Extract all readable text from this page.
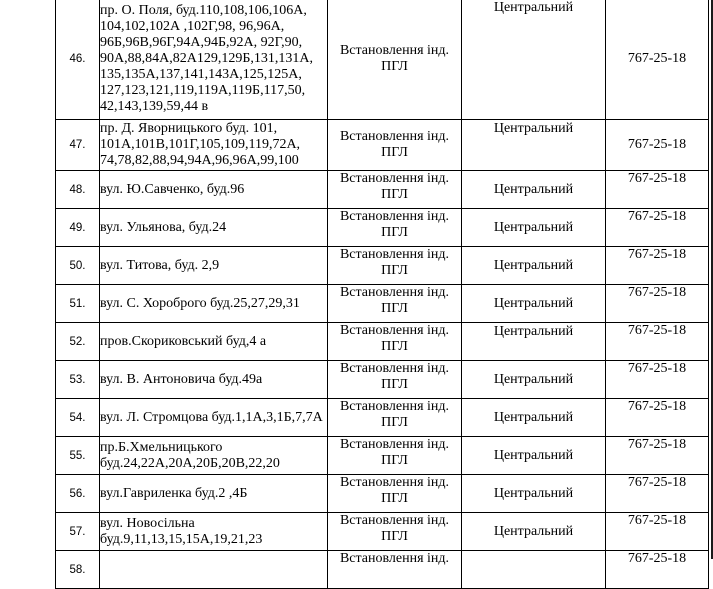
46.	пр. О. Поля, буд.110,108,106,106А, 104,102,102А ,102Г,98, 96,96А, 96Б,96В,96Г,94А,94Б,92А, 92Г,90, 90А,88,84А,82А129,129Б,131,131А, 135,135А,137,141,143А,125,125А, 127,123,121,119,119А,119Б,117,50, 42,143,139,59,44 в	Встановлення інд. ПГЛ	Центральний	767-25-18
47.	пр. Д. Яворницького буд. 101, 101А,101В,101Г,105,109,119,72А, 74,78,82,88,94,94А,96,96А,99,100	Встановлення інд. ПГЛ	Центральний	767-25-18
48.	вул. Ю.Савченко, буд.96	Встановлення інд. ПГЛ	Центральний	767-25-18
49.	вул. Ульянова, буд.24	Встановлення інд. ПГЛ	Центральний	767-25-18
50.	вул. Титова, буд. 2,9	Встановлення інд. ПГЛ	Центральний	767-25-18
51.	вул. С. Хороброго буд.25,27,29,31	Встановлення інд. ПГЛ	Центральний	767-25-18
52.	пров.Скориковський буд,4 а	Встановлення інд. ПГЛ	Центральний	767-25-18
53.	вул. В. Антоновича буд.49а	Встановлення інд. ПГЛ	Центральний	767-25-18
54.	вул. Л. Стромцова буд.1,1А,3,1Б,7,7А	Встановлення інд. ПГЛ	Центральний	767-25-18
55.	пр.Б.Хмельницького буд.24,22А,20А,20Б,20В,22,20	Встановлення інд. ПГЛ	Центральний	767-25-18
56.	вул.Гавриленка буд.2 ,4Б	Встановлення інд. ПГЛ	Центральний	767-25-18
57.	вул. Новосільна буд.9,11,13,15,15А,19,21,23	Встановлення інд. ПГЛ	Центральний	767-25-18
58.		Встановлення інд.		767-25-18
